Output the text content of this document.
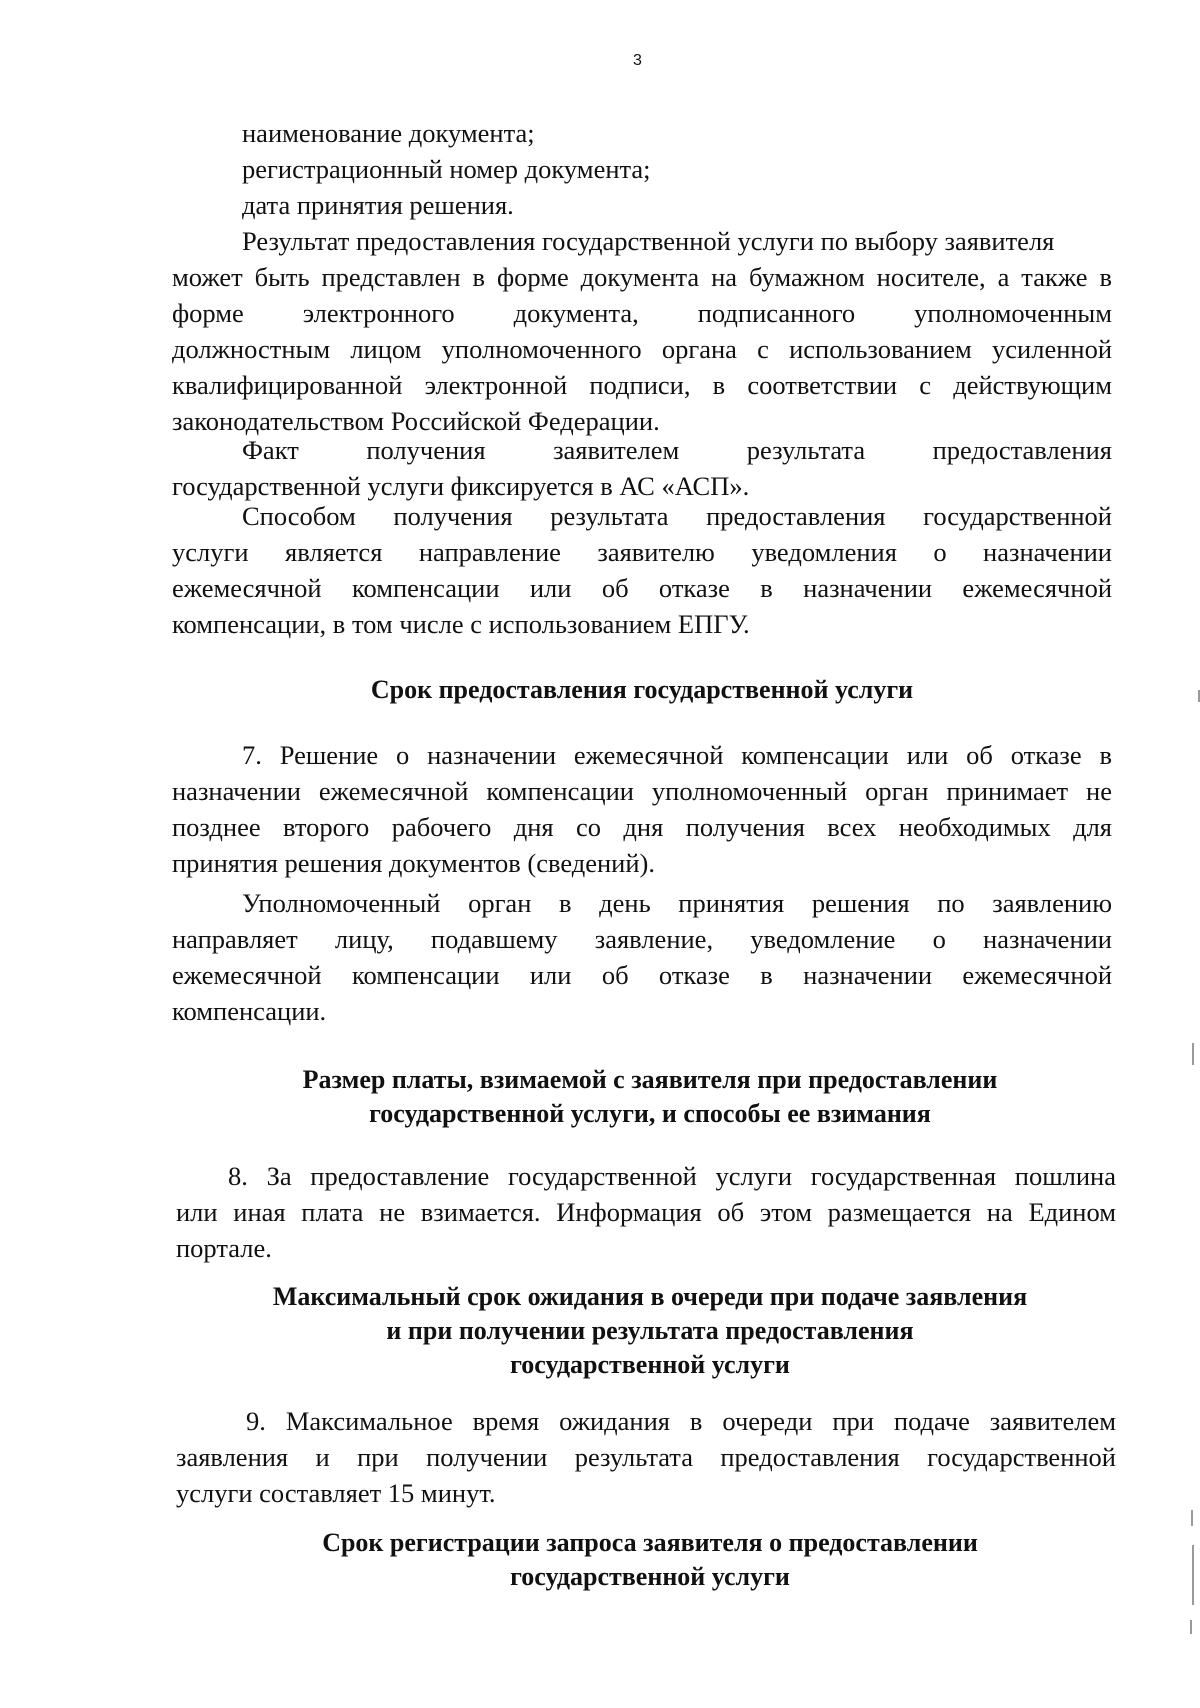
3
наименование документа;
регистрационный номер документа;
дата принятия решения.
Результат предоставления государственной услуги по выбору заявителя
может быть представлен в форме документа на бумажном носителе, а также в
форме электронного документа, подписанного уполномоченным
должностным лицом уполномоченного органа с использованием усиленной
квалифицированной электронной подписи, в соответствии с действующим
законодательством Российской Федерации.
Факт получения заявителем результата предоставления
государственной услуги фиксируется в АС «АСП».
Способом получения результата предоставления государственной
услуги является направление заявителю уведомления о назначении
ежемесячной компенсации или об отказе в назначении ежемесячной
компенсации, в том числе с использованием ЕПГУ.
Срок предоставления государственной услуги
7. Решение о назначении ежемесячной компенсации или об отказе в
назначении ежемесячной компенсации уполномоченный орган принимает не
позднее второго рабочего дня со дня получения всех необходимых для
принятия решения документов (сведений).
Уполномоченный орган в день принятия решения по заявлению
направляет лицу, подавшему заявление, уведомление о назначении
ежемесячной компенсации или об отказе в назначении ежемесячной
компенсации.
Размер платы, взимаемой с заявителя при предоставлении
государственной услуги, и способы ее взимания
8. За предоставление государственной услуги государственная пошлина
или иная плата не взимается. Информация об этом размещается на Едином
портале.
Максимальный срок ожидания в очереди при подаче заявления
и при получении результата предоставления
государственной услуги
9. Максимальное время ожидания в очереди при подаче заявителем
заявления и при получении результата предоставления государственной
услуги составляет 15 минут.
Срок регистрации запроса заявителя о предоставлении
государственной услуги
